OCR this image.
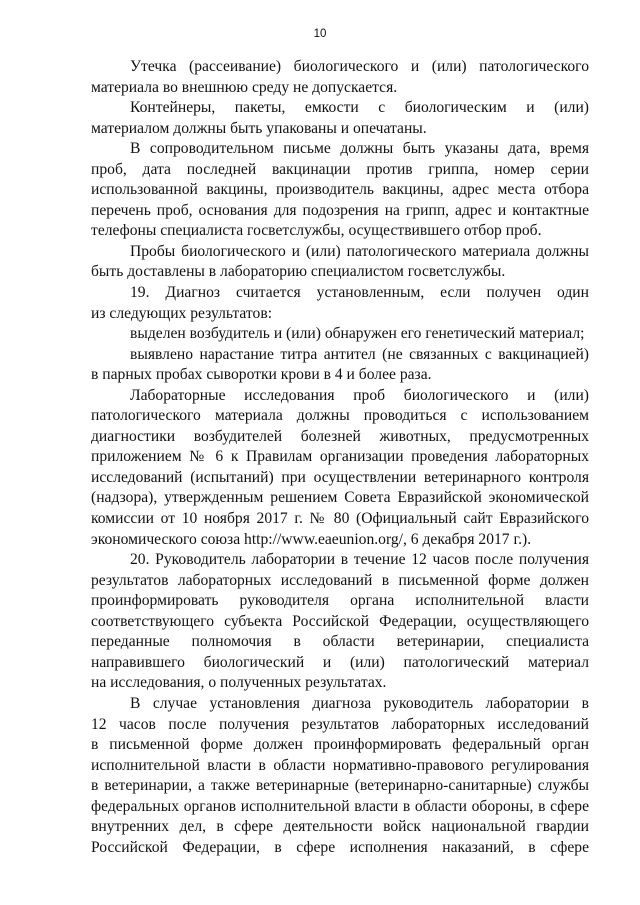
10
Утечка (рассеивание) биологического и (или) патологического
материала во внешнюю среду не допускается.
Контейнеры, пакеты, емкости с биологическим и (или)
материалом должны быть упакованы и опечатаны.
В сопроводительном письме должны быть указаны дата, время
проб, дата последней вакцинации против гриппа, номер серии
использованной вакцины, производитель вакцины, адрес места отбора
перечень проб, основания для подозрения на грипп, адрес и контактные
телефоны специалиста госветслужбы, осуществившего отбор проб.
Пробы биологического и (или) патологического материала должны
быть доставлены в лабораторию специалистом госветслужбы.
19. Диагноз считается установленным, если получен один
из следующих результатов:
выделен возбудитель и (или) обнаружен его генетический материал;
выявлено нарастание титра антител (не связанных с вакцинацией)
в парных пробах сыворотки крови в 4 и более раза.
Лабораторные исследования проб биологического и (или)
патологического материала должны проводиться с использованием
диагностики возбудителей болезней животных, предусмотренных
приложением № 6 к Правилам организации проведения лабораторных
исследований (испытаний) при осуществлении ветеринарного контроля
(надзора), утвержденным решением Совета Евразийской экономической
комиссии от 10 ноября 2017 г. № 80 (Официальный сайт Евразийского
экономического союза http://www.eaeunion.org/, 6 декабря 2017 г.).
20. Руководитель лаборатории в течение 12 часов после получения
результатов лабораторных исследований в письменной форме должен
проинформировать руководителя органа исполнительной власти
соответствующего субъекта Российской Федерации, осуществляющего
переданные полномочия в области ветеринарии, специалиста
направившего биологический и (или) патологический материал
на исследования, о полученных результатах.
В случае установления диагноза руководитель лаборатории в
12 часов после получения результатов лабораторных исследований
в письменной форме должен проинформировать федеральный орган
исполнительной власти в области нормативно-правового регулирования
в ветеринарии, а также ветеринарные (ветеринарно-санитарные) службы
федеральных органов исполнительной власти в области обороны, в сфере
внутренних дел, в сфере деятельности войск национальной гвардии
Российской Федерации, в сфере исполнения наказаний, в сфере
